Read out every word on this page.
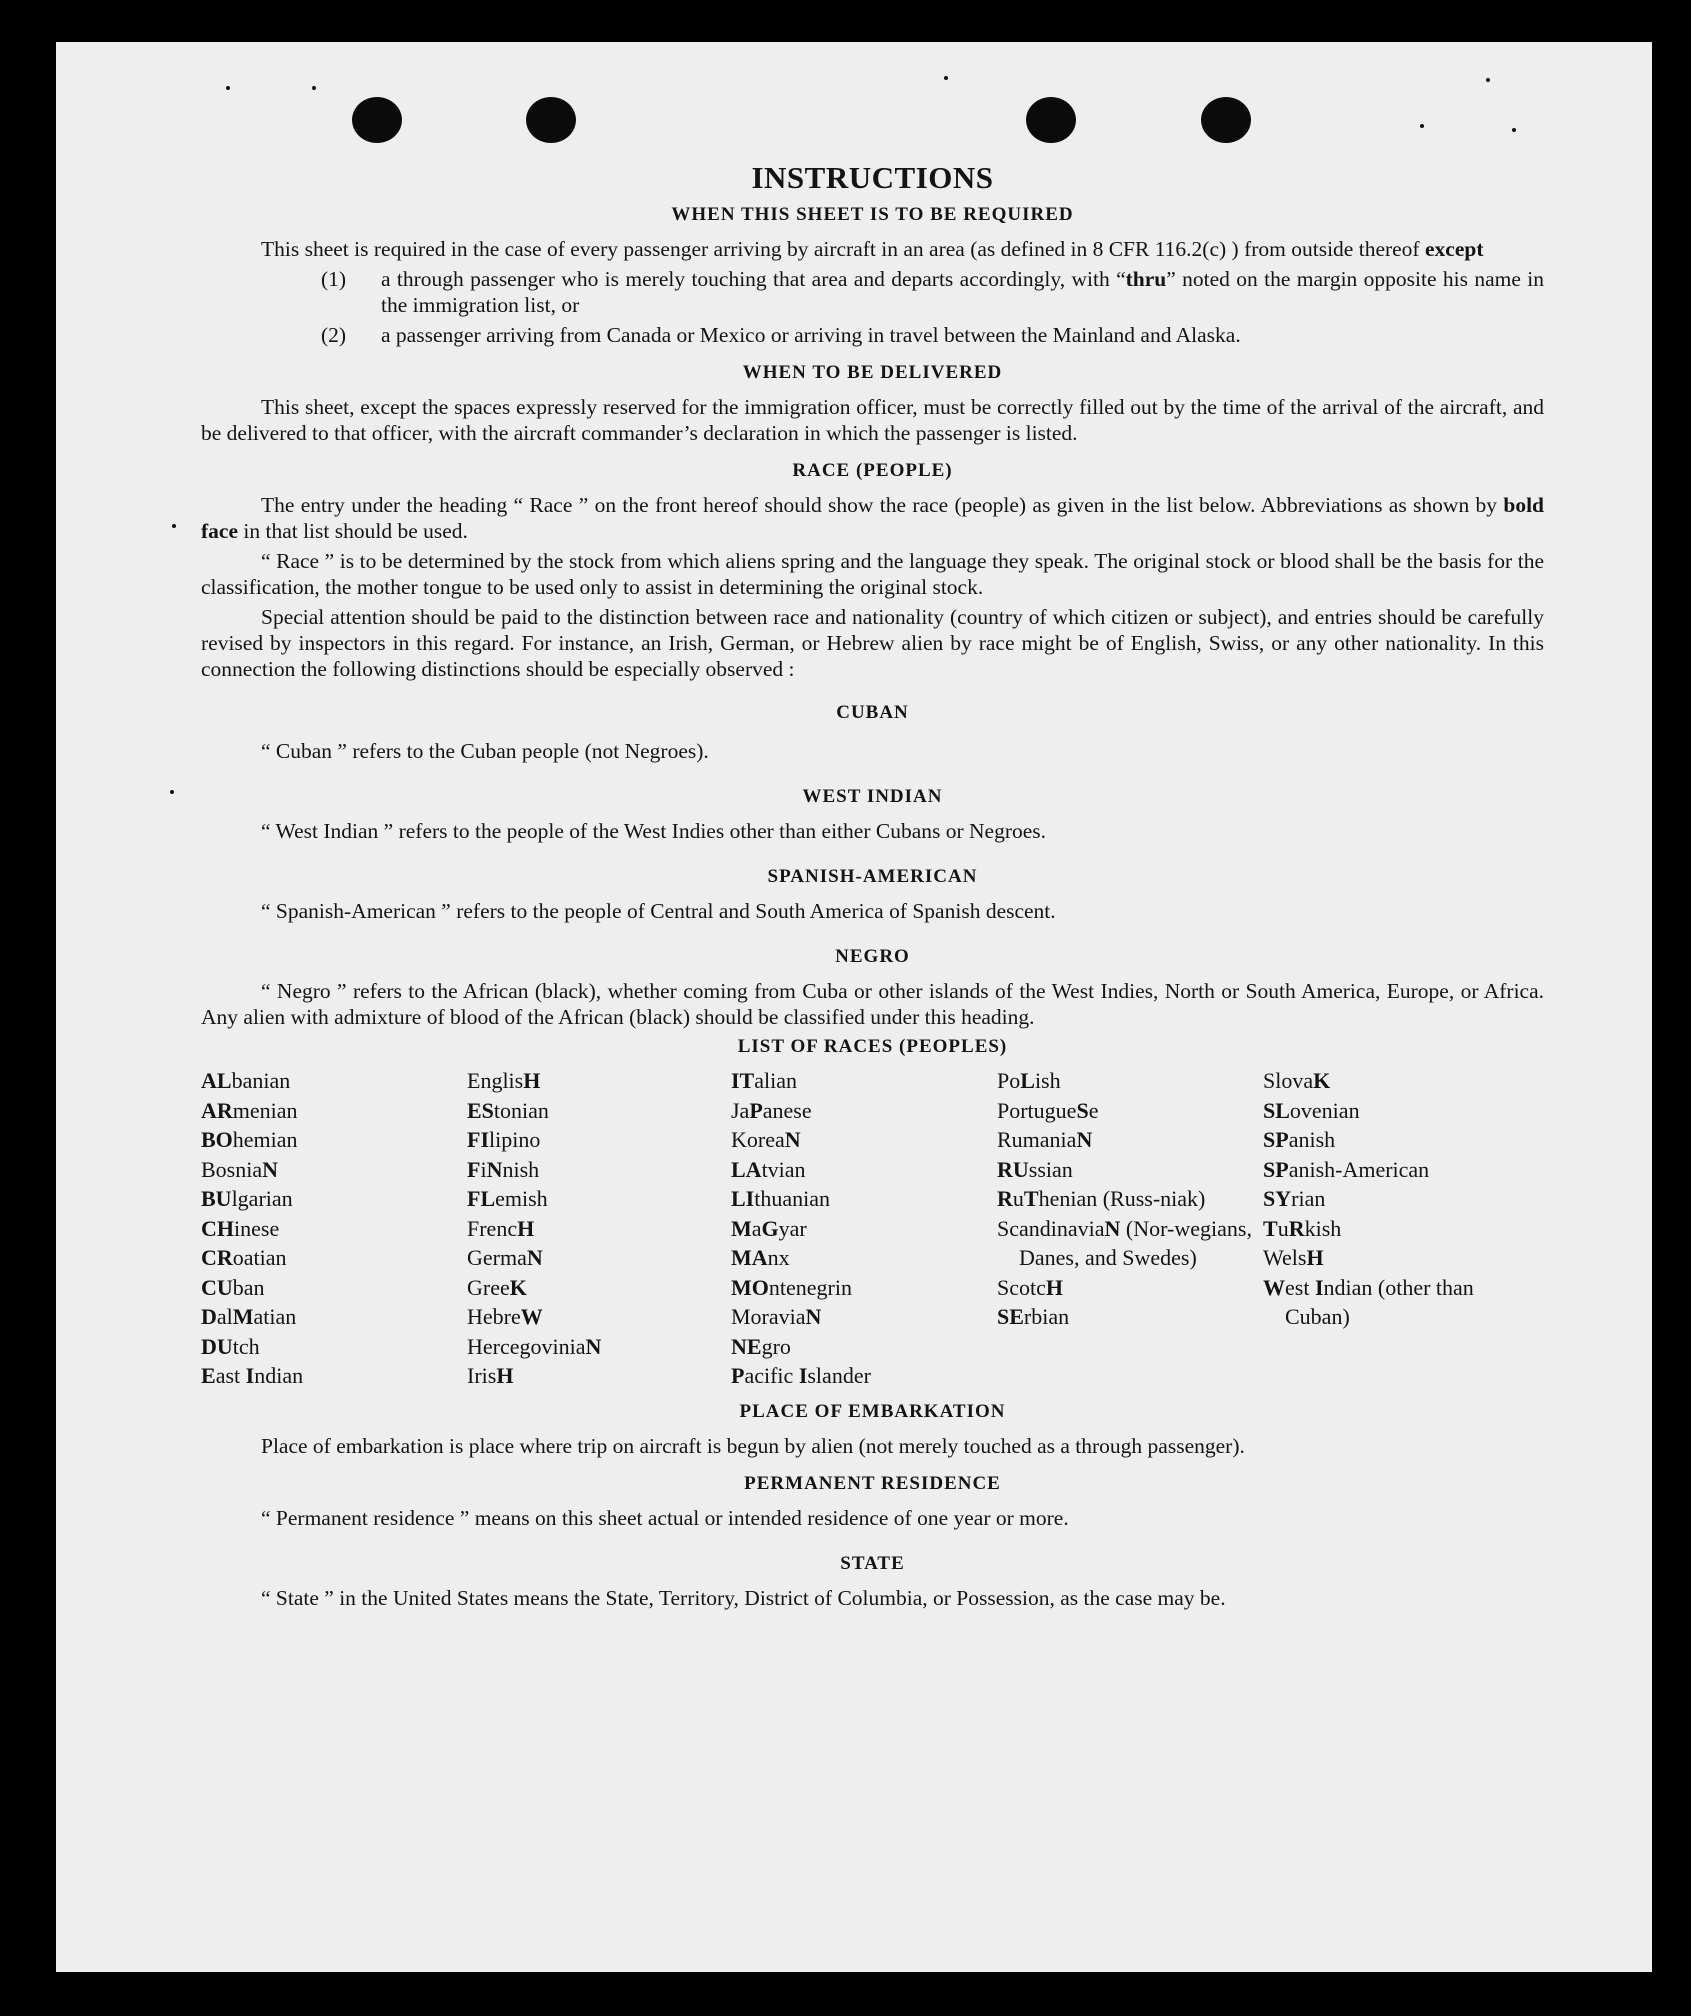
INSTRUCTIONS
WHEN THIS SHEET IS TO BE REQUIRED

This sheet is required in the case of every passenger arriving by aircraft in an area (as defined in 8 CFR 116.2(c) ) from outside thereof except

(1)	a through passenger who is merely touching that area and departs accordingly, with “thru” noted on the margin opposite his name in the immigration list, or
(2)	a passenger arriving from Canada or Mexico or arriving in travel between the Mainland and Alaska.
WHEN TO BE DELIVERED

This sheet, except the spaces expressly reserved for the immigration officer, must be correctly filled out by the time of the arrival of the aircraft, and be delivered to that officer, with the aircraft commander’s declaration in which the passenger is listed.

RACE (PEOPLE)

The entry under the heading “ Race ” on the front hereof should show the race (people) as given in the list below. Abbreviations as shown by bold face in that list should be used.

“ Race ” is to be determined by the stock from which aliens spring and the language they speak. The original stock or blood shall be the basis for the classification, the mother tongue to be used only to assist in determining the original stock.

Special attention should be paid to the distinction between race and nationality (country of which citizen or subject), and entries should be carefully revised by inspectors in this regard. For instance, an Irish, German, or Hebrew alien by race might be of English, Swiss, or any other nationality. In this connection the following distinctions should be especially observed :

CUBAN

“ Cuban ” refers to the Cuban people (not Negroes).

WEST INDIAN

“ West Indian ” refers to the people of the West Indies other than either Cubans or Negroes.

SPANISH-AMERICAN

“ Spanish-American ” refers to the people of Central and South America of Spanish descent.

NEGRO

“ Negro ” refers to the African (black), whether coming from Cuba or other islands of the West Indies, North or South America, Europe, or Africa. Any alien with admixture of blood of the African (black) should be classified under this heading.

LIST OF RACES (PEOPLES)
ALbanian
ARmenian
BOhemian
BosniaN
BUlgarian
CHinese
CRoatian
CUban
DalMatian
DUtch
East Indian
EnglisH
EStonian
FIlipino
FiNnish
FLemish
FrencH
GermaN
GreeK
HebreW
HercegoviniaN
IrisH
ITalian
JaPanese
KoreaN
LAtvian
LIthuanian
MaGyar
MAnx
MOntenegrin
MoraviaN
NEgro
Pacific Islander
PoLish
PortugueSe
RumaniaN
RUssian
RuThenian (Russ-niak)
ScandinaviaN (Nor-wegians, Danes, and Swedes)
ScotcH
SErbian
SlovaK
SLovenian
SPanish
SPanish-American
SYrian
TuRkish
WelsH
West Indian (other than Cuban)
PLACE OF EMBARKATION

Place of embarkation is place where trip on aircraft is begun by alien (not merely touched as a through passenger).

PERMANENT RESIDENCE

“ Permanent residence ” means on this sheet actual or intended residence of one year or more.

STATE

“ State ” in the United States means the State, Territory, District of Columbia, or Possession, as the case may be.
